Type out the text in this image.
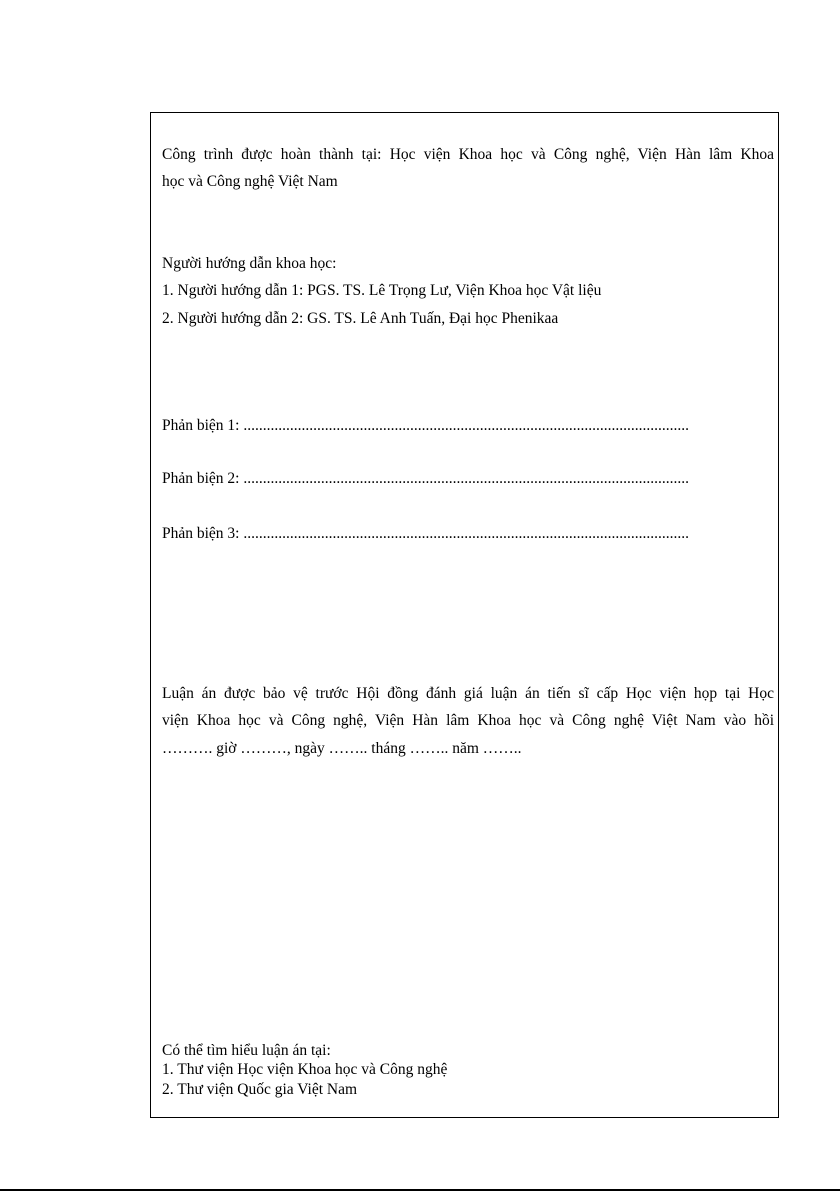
Công trình được hoàn thành tại: Học viện Khoa học và Công nghệ, Viện Hàn lâm Khoa
học và Công nghệ Việt Nam
Người hướng dẫn khoa học:
1. Người hướng dẫn 1: PGS. TS. Lê Trọng Lư, Viện Khoa học Vật liệu
2. Người hướng dẫn 2: GS. TS. Lê Anh Tuấn, Đại học Phenikaa
Phản biện 1: ...................................................................................................................
Phản biện 2: ...................................................................................................................
Phản biện 3: ...................................................................................................................
Luận án được bảo vệ trước Hội đồng đánh giá luận án tiến sĩ cấp Học viện họp tại Học
viện Khoa học và Công nghệ, Viện Hàn lâm Khoa học và Công nghệ Việt Nam vào hồi
………. giờ ………, ngày …….. tháng …….. năm ……..
Có thể tìm hiểu luận án tại:
1. Thư viện Học viện Khoa học và Công nghệ
2. Thư viện Quốc gia Việt Nam
